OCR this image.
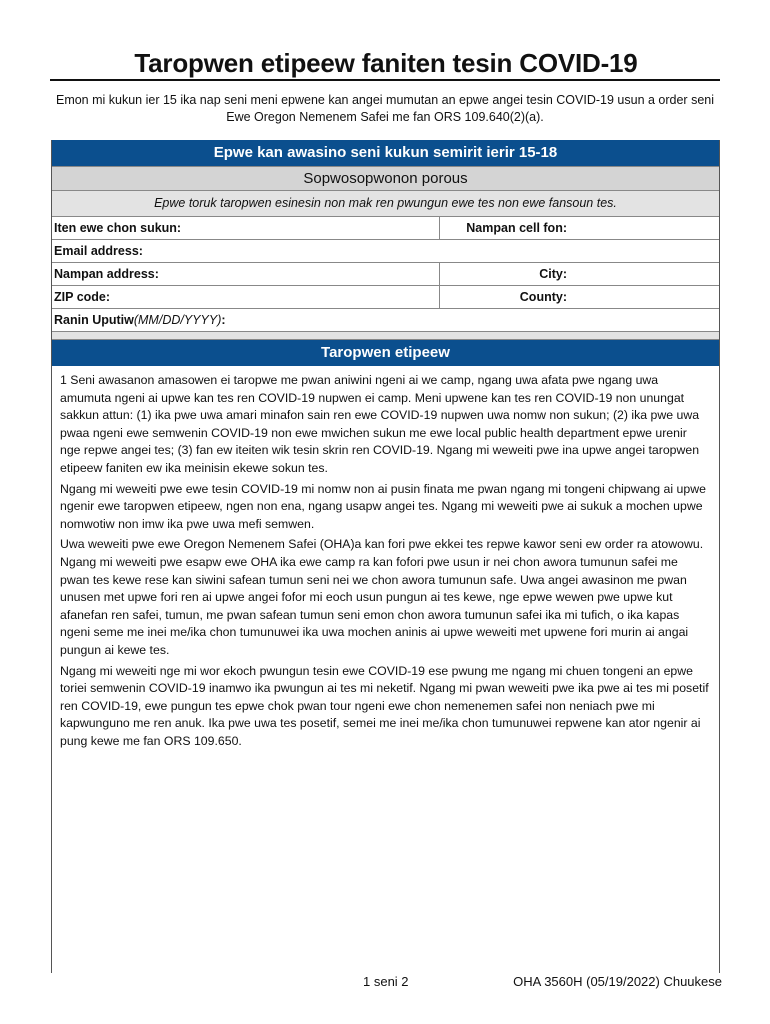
Taropwen etipeew faniten tesin COVID-19
Emon mi kukun ier 15 ika nap seni meni epwene kan angei mumutan an epwe angei tesin COVID-19 usun a order seni Ewe Oregon Nemenem Safei me fan ORS 109.640(2)(a).
Epwe kan awasino seni kukun semirit ierir 15-18
Sopwosopwonon porous
Epwe toruk taropwen esinesin non mak ren pwungun ewe tes non ewe fansoun tes.
Iten ewe chon sukun:	Nampan cell fon:
Email address:
Nampan address:	City:
ZIP code:	County:
Ranin Uputiw(MM/DD/YYYY):
Taropwen etipeew

1 Seni awasanon amasowen ei taropwe me pwan aniwini ngeni ai we camp, ngang uwa afata pwe ngang uwa amumuta ngeni ai upwe kan tes ren COVID-19 nupwen ei camp. Meni upwene kan tes ren COVID-19 non unungat sakkun attun: (1) ika pwe uwa amari minafon sain ren ewe COVID-19 nupwen uwa nomw non sukun; (2) ika pwe uwa pwaa ngeni ewe semwenin COVID-19 non ewe mwichen sukun me ewe local public health department epwe urenir nge repwe angei tes; (3) fan ew iteiten wik tesin skrin ren COVID-19. Ngang mi weweiti pwe ina upwe angei taropwen etipeew faniten ew ika meinisin ekewe sokun tes.

Ngang mi weweiti pwe ewe tesin COVID-19 mi nomw non ai pusin finata me pwan ngang mi tongeni chipwang ai upwe ngenir ewe taropwen etipeew, ngen non ena, ngang usapw angei tes. Ngang mi weweiti pwe ai sukuk a mochen upwe nomwotiw non imw ika pwe uwa mefi semwen.

Uwa weweiti pwe ewe Oregon Nemenem Safei (OHA)a kan fori pwe ekkei tes repwe kawor seni ew order ra atowowu. Ngang mi weweiti pwe esapw ewe OHA ika ewe camp ra kan fofori pwe usun ir nei chon awora tumunun safei me pwan tes kewe rese kan siwini safean tumun seni nei we chon awora tumunun safe. Uwa angei awasinon me pwan unusen met upwe fori ren ai upwe angei fofor mi eoch usun pungun ai tes kewe, nge epwe wewen pwe upwe kut afanefan ren safei, tumun, me pwan safean tumun seni emon chon awora tumunun safei ika mi tufich, o ika kapas ngeni seme me inei me/ika chon tumunuwei ika uwa mochen aninis ai upwe weweiti met upwene fori murin ai angai pungun ai kewe tes.

Ngang mi weweiti nge mi wor ekoch pwungun tesin ewe COVID-19 ese pwung me ngang mi chuen tongeni an epwe toriei semwenin COVID-19 inamwo ika pwungun ai tes mi neketif. Ngang mi pwan weweiti pwe ika pwe ai tes mi posetif ren COVID-19, ewe pungun tes epwe chok pwan tour ngeni ewe chon nemenemen safei non neniach pwe mi kapwunguno me ren anuk. Ika pwe uwa tes posetif, semei me inei me/ika chon tumunuwei repwene kan ator ngenir ai pung kewe me fan ORS 109.650.

1 seni 2	OHA 3560H (05/19/2022) Chuukese
